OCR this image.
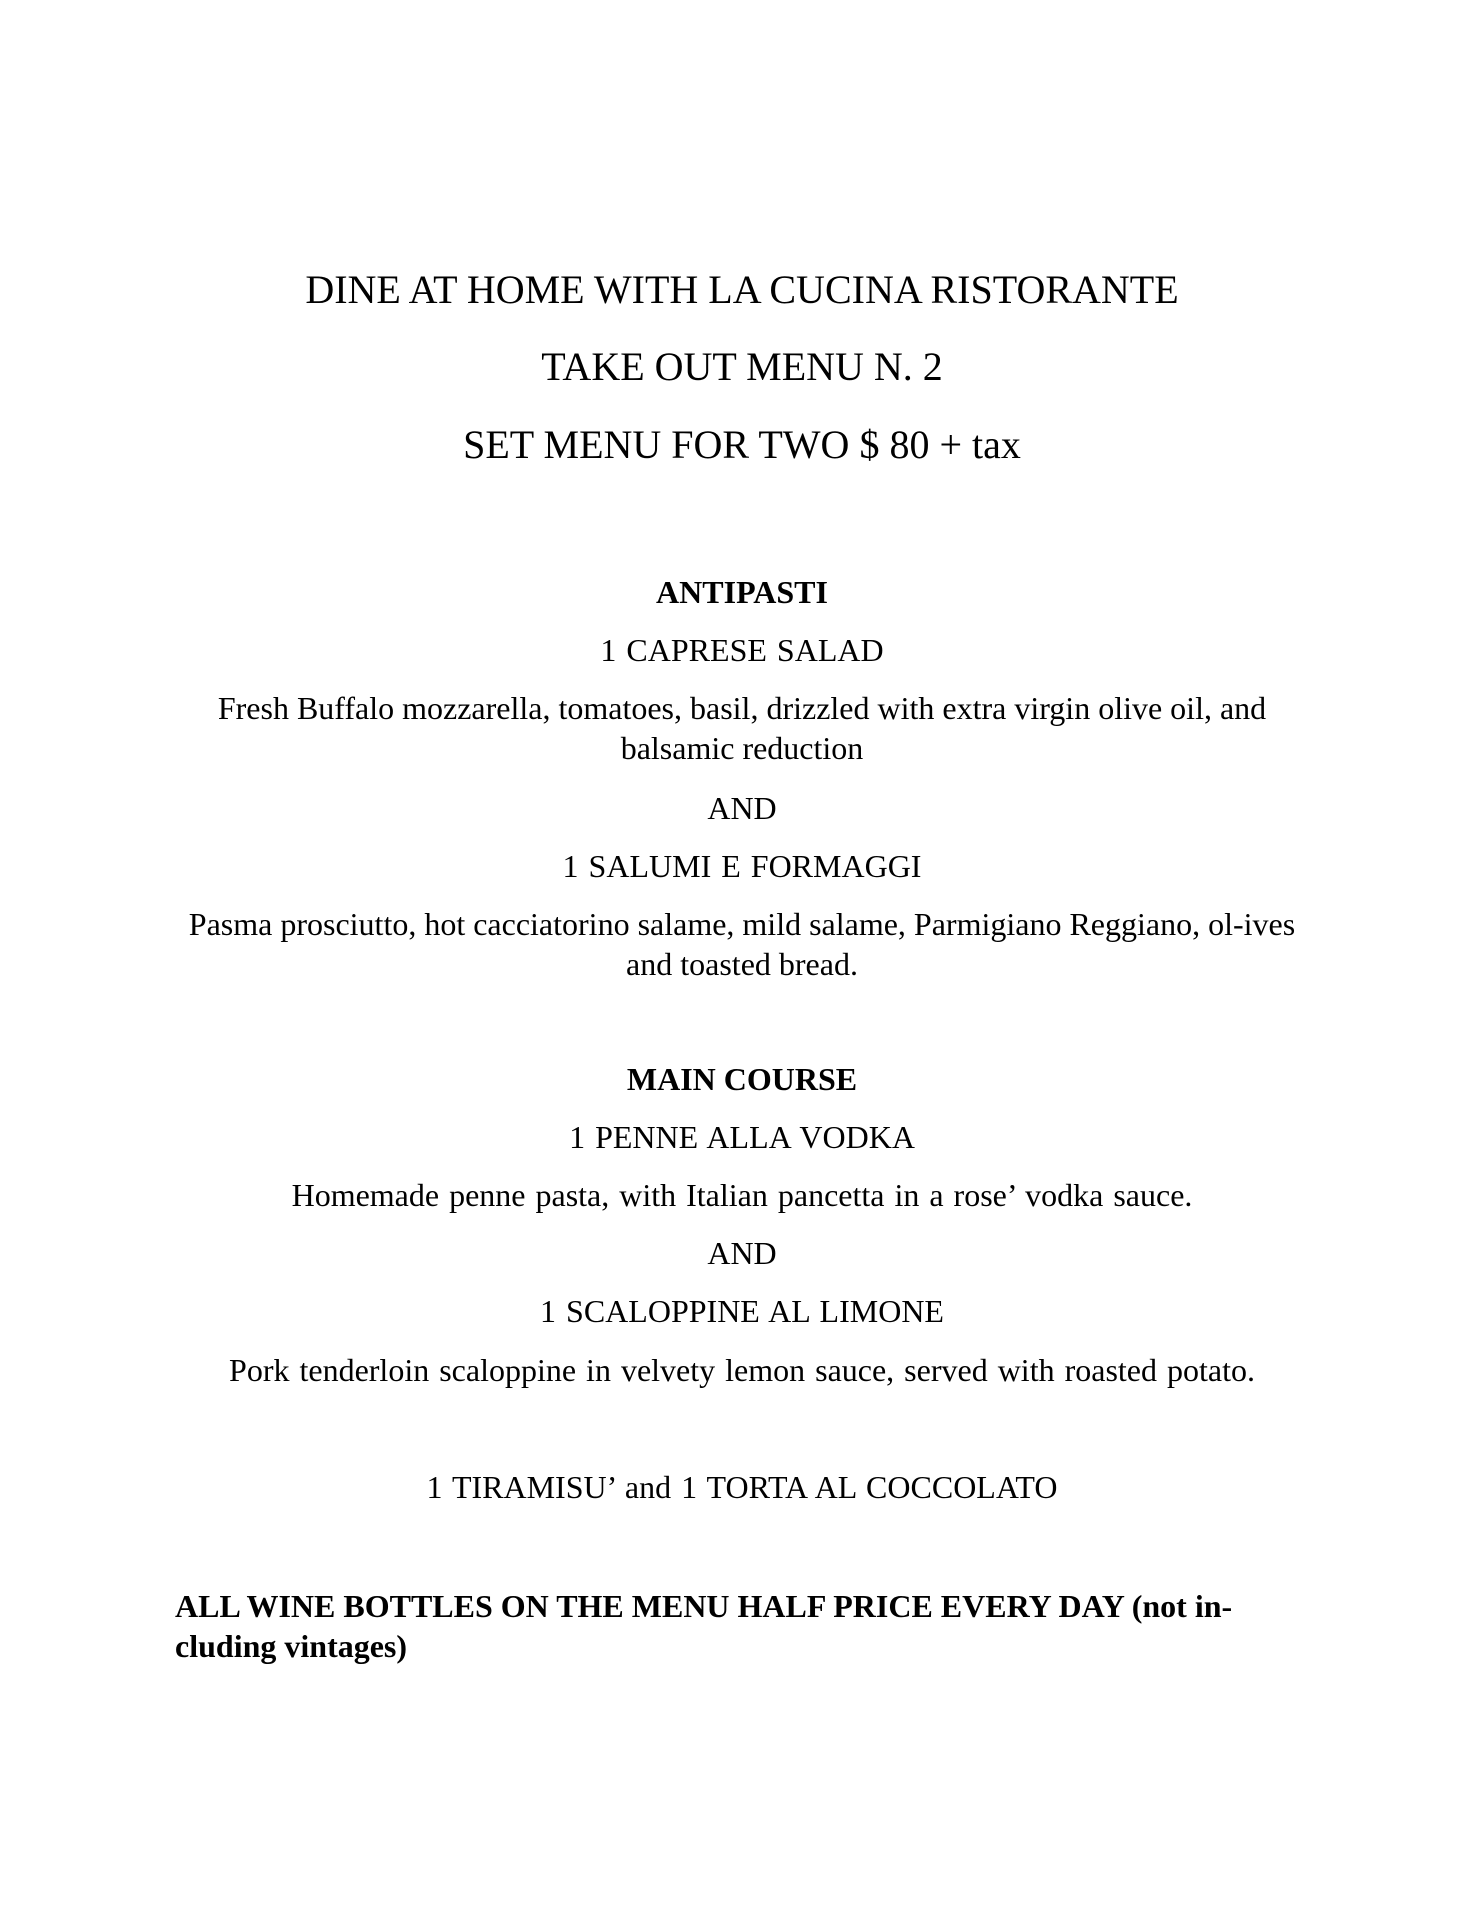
DINE AT HOME WITH LA CUCINA RISTORANTE

TAKE OUT MENU N. 2

SET MENU FOR TWO $ 80 + tax

ANTIPASTI

1 CAPRESE SALAD

Fresh Buffalo mozzarella, tomatoes, basil, drizzled with extra virgin olive oil, and balsamic reduction

AND

1 SALUMI E FORMAGGI

Pasma prosciutto, hot cacciatorino salame, mild salame, Parmigiano Reggiano, ol-ives and toasted bread.

MAIN COURSE

1 PENNE ALLA VODKA

Homemade penne pasta, with Italian pancetta in a rose’ vodka sauce.

AND

1 SCALOPPINE AL LIMONE

Pork tenderloin scaloppine in velvety lemon sauce, served with roasted potato.

1 TIRAMISU’ and 1 TORTA AL COCCOLATO

ALL WINE BOTTLES ON THE MENU HALF PRICE EVERY DAY (not in-cluding vintages)
